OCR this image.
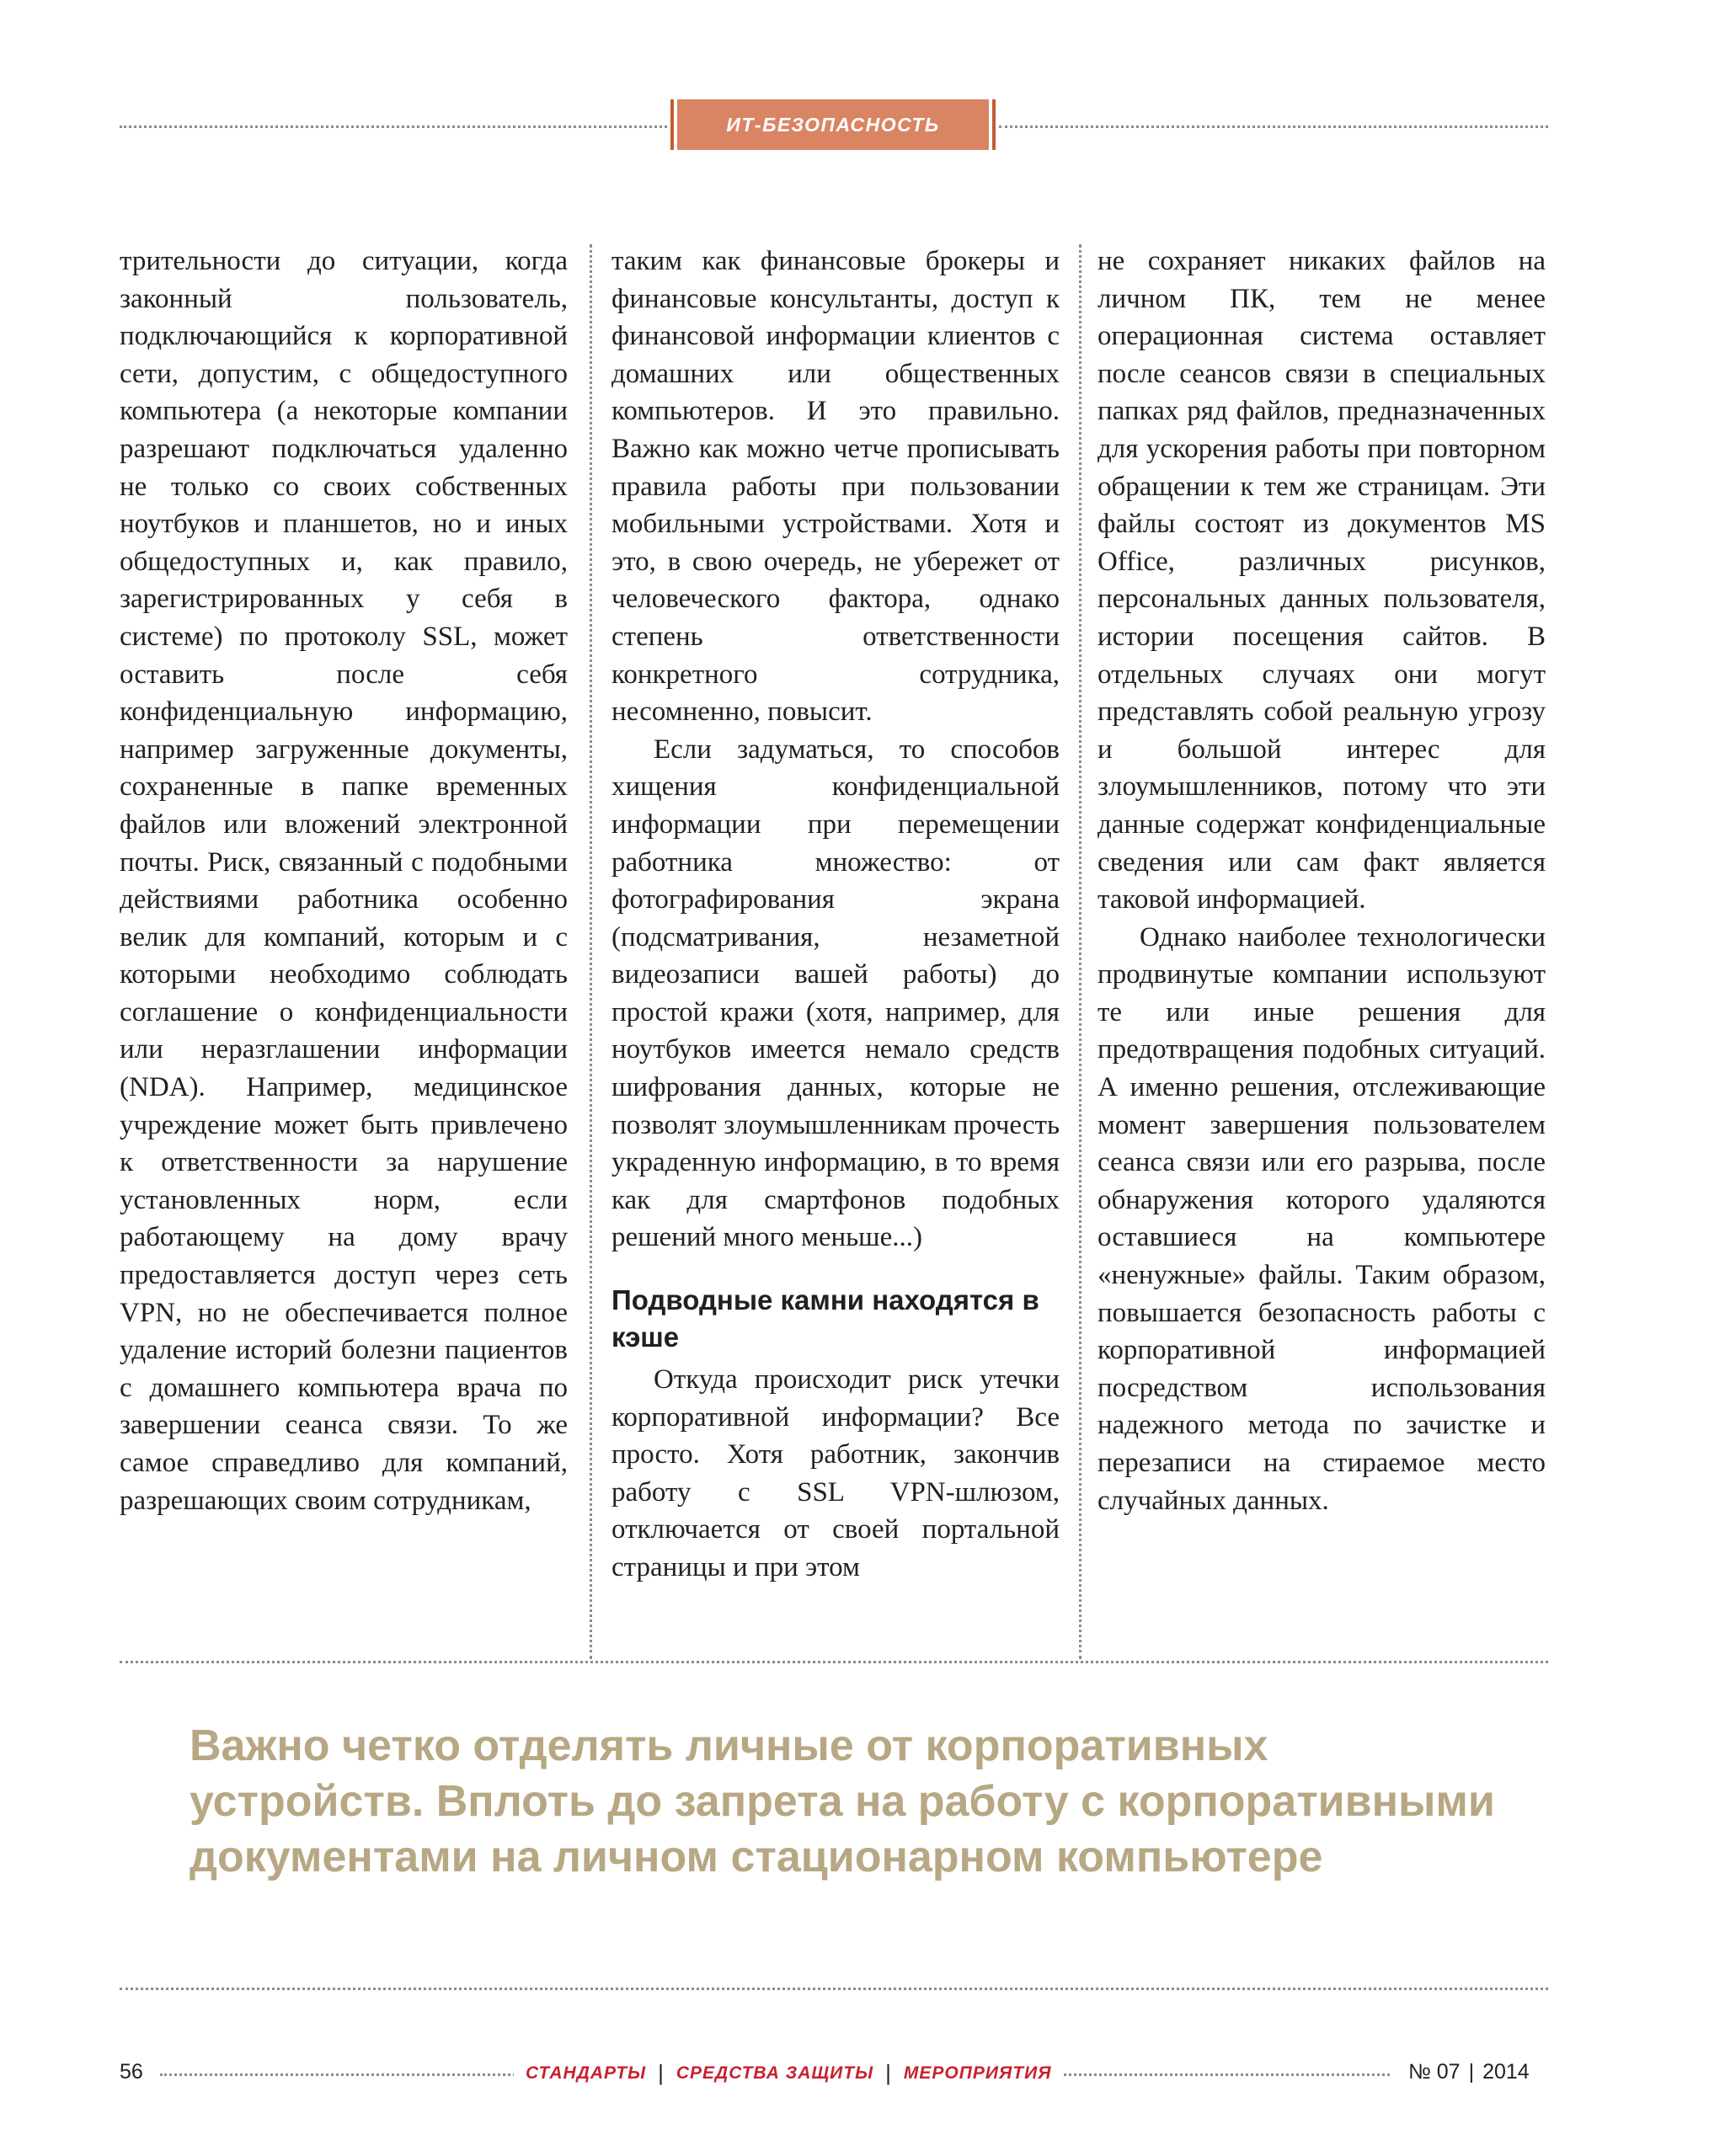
ИТ-БЕЗОПАСНОСТЬ

трительности до ситуации, когда законный пользователь, подключающийся к корпоративной сети, допустим, с общедоступного компьютера (а некоторые компании разрешают подключаться удаленно не только со своих собственных ноутбуков и планшетов, но и иных общедоступных и, как правило, зарегистрированных у себя в системе) по протоколу SSL, может оставить после себя конфиденциальную информацию, например загруженные документы, сохраненные в папке временных файлов или вложений электронной почты. Риск, связанный с подобными действиями работника особенно велик для компаний, которым и с которыми необходимо соблюдать соглашение о конфиденциальности или неразглашении информации (NDA). Например, медицинское учреждение может быть привлечено к ответственности за нарушение установленных норм, если работающему на дому врачу предоставляется доступ через сеть VPN, но не обеспечивается полное удаление историй болезни пациентов с домашнего компьютера врача по завершении сеанса связи. То же самое справедливо для компаний, разрешающих своим сотрудникам,

таким как финансовые брокеры и финансовые консультанты, доступ к финансовой информации клиентов с домашних или общественных компьютеров. И это правильно. Важно как можно четче прописывать правила работы при пользовании мобильными устройствами. Хотя и это, в свою очередь, не убережет от человеческого фактора, однако степень ответственности конкретного сотрудника, несомненно, повысит.

Если задуматься, то способов хищения конфиденциальной информации при перемещении работника множество: от фотографирования экрана (подсматривания, незаметной видеозаписи вашей работы) до простой кражи (хотя, например, для ноутбуков имеется немало средств шифрования данных, которые не позволят злоумышленникам прочесть украденную информацию, в то время как для смартфонов подобных решений много меньше...)

Подводные камни находятся в кэше

Откуда происходит риск утечки корпоративной информации? Все просто. Хотя работник, закончив работу с SSL VPN-шлюзом, отключается от своей портальной страницы и при этом

не сохраняет никаких файлов на личном ПК, тем не менее операционная система оставляет после сеансов связи в специальных папках ряд файлов, предназначенных для ускорения работы при повторном обращении к тем же страницам. Эти файлы состоят из документов MS Office, различных рисунков, персональных данных пользователя, истории посещения сайтов. В отдельных случаях они могут представлять собой реальную угрозу и большой интерес для злоумышленников, потому что эти данные содержат конфиденциальные сведения или сам факт является таковой информацией.

Однако наиболее технологически продвинутые компании используют те или иные решения для предотвращения подобных ситуаций. А именно решения, отслеживающие момент завершения пользователем сеанса связи или его разрыва, после обнаружения которого удаляются оставшиеся на компьютере «ненужные» файлы. Таким образом, повышается безопасность работы с корпоративной информацией посредством использования надежного метода по зачистке и перезаписи на стираемое место случайных данных.

Важно четко отделять личные от корпоративных устройств. Вплоть до запрета на работу с корпоративными документами на личном стационарном компьютере
56	СТАНДАРТЫ | СРЕДСТВА ЗАЩИТЫ | МЕРОПРИЯТИЯ	№ 07 | 2014
